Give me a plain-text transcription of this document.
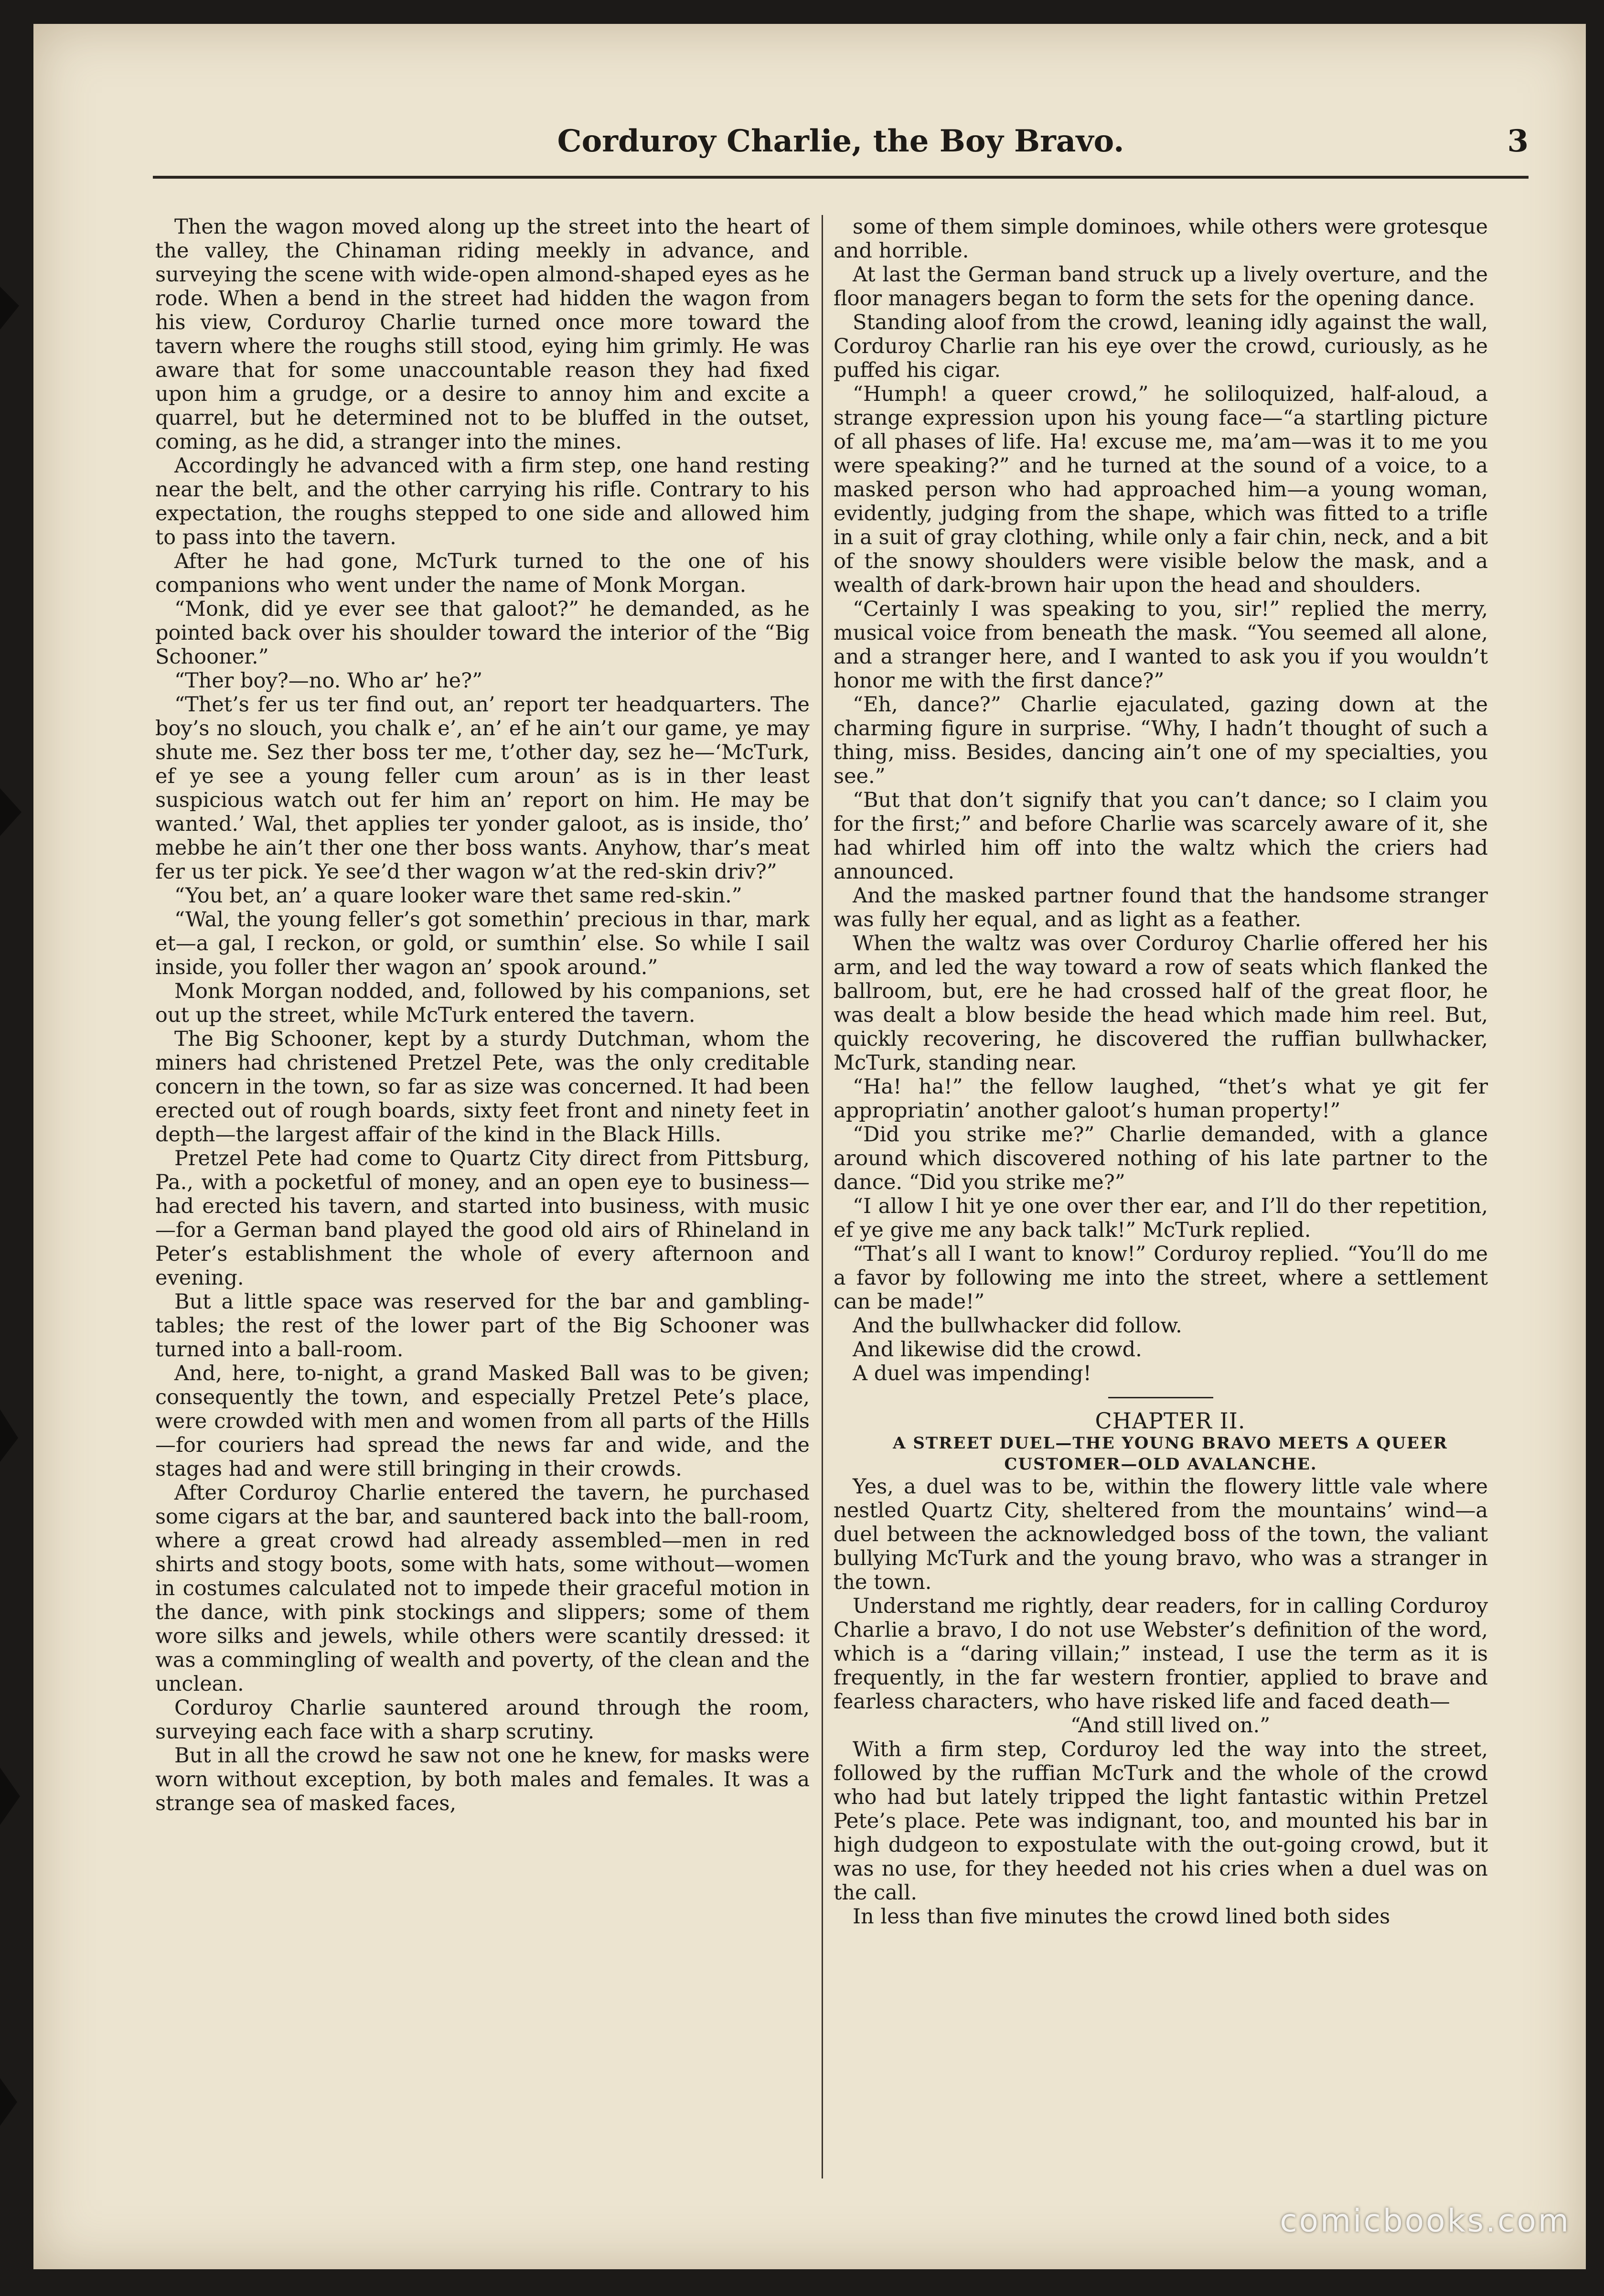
Corduroy Charlie, the Boy Bravo.	3

Then the wagon moved along up the street into the heart of the valley, the Chinaman riding meekly in advance, and surveying the scene with wide-open almond-shaped eyes as he rode. When a bend in the street had hidden the wagon from his view, Corduroy Charlie turned once more toward the tavern where the roughs still stood, eying him grimly. He was aware that for some unaccountable reason they had fixed upon him a grudge, or a desire to annoy him and excite a quarrel, but he determined not to be bluffed in the outset, coming, as he did, a stranger into the mines.

Accordingly he advanced with a firm step, one hand resting near the belt, and the other carrying his rifle. Contrary to his expectation, the roughs stepped to one side and allowed him to pass into the tavern.

After he had gone, McTurk turned to the one of his companions who went under the name of Monk Morgan.

“Monk, did ye ever see that galoot?” he demanded, as he pointed back over his shoulder toward the interior of the “Big Schooner.”

“Ther boy?—no. Who ar’ he?”

“Thet’s fer us ter find out, an’ report ter headquarters. The boy’s no slouch, you chalk e’, an’ ef he ain’t our game, ye may shute me. Sez ther boss ter me, t’other day, sez he—‘McTurk, ef ye see a young feller cum aroun’ as is in ther least suspicious watch out fer him an’ report on him. He may be wanted.’ Wal, thet applies ter yonder galoot, as is inside, tho’ mebbe he ain’t ther one ther boss wants. Anyhow, thar’s meat fer us ter pick. Ye see’d ther wagon w’at the red-skin driv?”

“You bet, an’ a quare looker ware thet same red-skin.”

“Wal, the young feller’s got somethin’ precious in thar, mark et—a gal, I reckon, or gold, or sumthin’ else. So while I sail inside, you foller ther wagon an’ spook around.”

Monk Morgan nodded, and, followed by his companions, set out up the street, while McTurk entered the tavern.

The Big Schooner, kept by a sturdy Dutchman, whom the miners had christened Pretzel Pete, was the only creditable concern in the town, so far as size was concerned. It had been erected out of rough boards, sixty feet front and ninety feet in depth—the largest affair of the kind in the Black Hills.

Pretzel Pete had come to Quartz City direct from Pittsburg, Pa., with a pocketful of money, and an open eye to business—had erected his tavern, and started into business, with music—for a German band played the good old airs of Rhineland in Peter’s establishment the whole of every afternoon and evening.

But a little space was reserved for the bar and gambling-tables; the rest of the lower part of the Big Schooner was turned into a ball-room.

And, here, to-night, a grand Masked Ball was to be given; consequently the town, and especially Pretzel Pete’s place, were crowded with men and women from all parts of the Hills—for couriers had spread the news far and wide, and the stages had and were still bringing in their crowds.

After Corduroy Charlie entered the tavern, he purchased some cigars at the bar, and sauntered back into the ball-room, where a great crowd had already assembled—men in red shirts and stogy boots, some with hats, some without—women in costumes calculated not to impede their graceful motion in the dance, with pink stockings and slippers; some of them wore silks and jewels, while others were scantily dressed: it was a commingling of wealth and poverty, of the clean and the unclean.

Corduroy Charlie sauntered around through the room, surveying each face with a sharp scrutiny.

But in all the crowd he saw not one he knew, for masks were worn without exception, by both males and females. It was a strange sea of masked faces,

some of them simple dominoes, while others were grotesque and horrible.

At last the German band struck up a lively overture, and the floor managers began to form the sets for the opening dance.

Standing aloof from the crowd, leaning idly against the wall, Corduroy Charlie ran his eye over the crowd, curiously, as he puffed his cigar.

“Humph! a queer crowd,” he soliloquized, half-aloud, a strange expression upon his young face—“a startling picture of all phases of life. Ha! excuse me, ma’am—was it to me you were speaking?” and he turned at the sound of a voice, to a masked person who had approached him—a young woman, evidently, judging from the shape, which was fitted to a trifle in a suit of gray clothing, while only a fair chin, neck, and a bit of the snowy shoulders were visible below the mask, and a wealth of dark-brown hair upon the head and shoulders.

“Certainly I was speaking to you, sir!” replied the merry, musical voice from beneath the mask. “You seemed all alone, and a stranger here, and I wanted to ask you if you wouldn’t honor me with the first dance?”

“Eh, dance?” Charlie ejaculated, gazing down at the charming figure in surprise. “Why, I hadn’t thought of such a thing, miss. Besides, dancing ain’t one of my specialties, you see.”

“But that don’t signify that you can’t dance; so I claim you for the first;” and before Charlie was scarcely aware of it, she had whirled him off into the waltz which the criers had announced.

And the masked partner found that the handsome stranger was fully her equal, and as light as a feather.

When the waltz was over Corduroy Charlie offered her his arm, and led the way toward a row of seats which flanked the ballroom, but, ere he had crossed half of the great floor, he was dealt a blow beside the head which made him reel. But, quickly recovering, he discovered the ruffian bullwhacker, McTurk, standing near.

“Ha! ha!” the fellow laughed, “thet’s what ye git fer appropriatin’ another galoot’s human property!”

“Did you strike me?” Charlie demanded, with a glance around which discovered nothing of his late partner to the dance. “Did you strike me?”

“I allow I hit ye one over ther ear, and I’ll do ther repetition, ef ye give me any back talk!” McTurk replied.

“That’s all I want to know!” Corduroy replied. “You’ll do me a favor by following me into the street, where a settlement can be made!”

And the bullwhacker did follow.

And likewise did the crowd.

A duel was impending!

CHAPTER II.

A STREET DUEL—THE YOUNG BRAVO MEETS A QUEER CUSTOMER—OLD AVALANCHE.

Yes, a duel was to be, within the flowery little vale where nestled Quartz City, sheltered from the mountains’ wind—a duel between the acknowledged boss of the town, the valiant bullying McTurk and the young bravo, who was a stranger in the town.

Understand me rightly, dear readers, for in calling Corduroy Charlie a bravo, I do not use Webster’s definition of the word, which is a “daring villain;” instead, I use the term as it is frequently, in the far western frontier, applied to brave and fearless characters, who have risked life and faced death—

“And still lived on.”

With a firm step, Corduroy led the way into the street, followed by the ruffian McTurk and the whole of the crowd who had but lately tripped the light fantastic within Pretzel Pete’s place. Pete was indignant, too, and mounted his bar in high dudgeon to expostulate with the out-going crowd, but it was no use, for they heeded not his cries when a duel was on the call.

In less than five minutes the crowd lined both sides

comicbooks.com
